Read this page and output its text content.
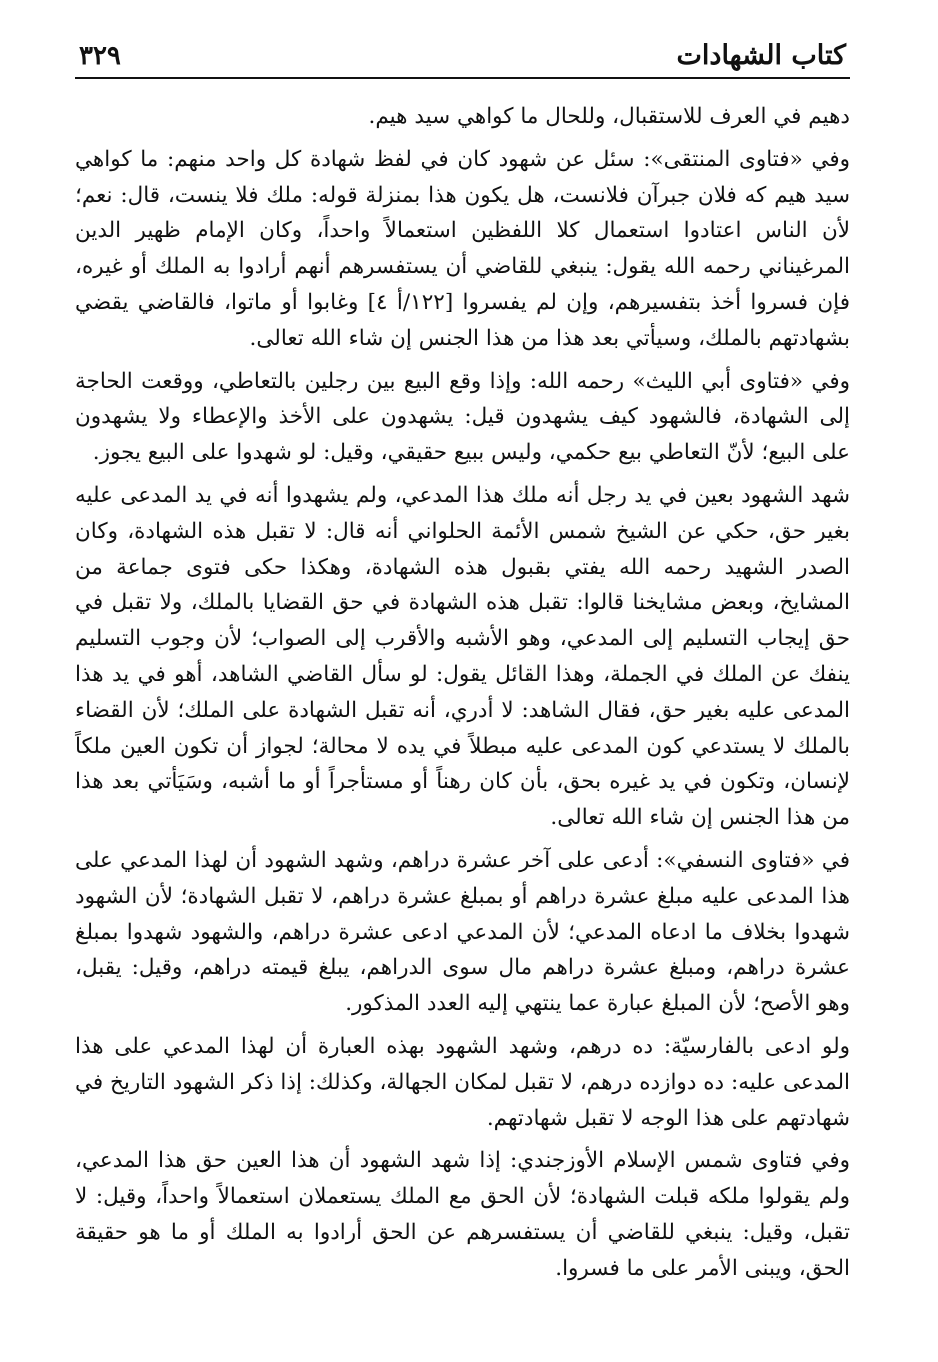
كتاب الشهادات
٣٢٩

دهيم في العرف للاستقبال، وللحال ما كواهي سيد هيم.

وفي «فتاوى المنتقى»: سئل عن شهود كان في لفظ شهادة كل واحد منهم: ما كواهي سيد هيم كه فلان جبرآن فلانست، هل يكون هذا بمنزلة قوله: ملك فلا ينست، قال: نعم؛ لأن الناس اعتادوا استعمال كلا اللفظين استعمالاً واحداً، وكان الإمام ظهير الدين المرغيناني رحمه الله يقول: ينبغي للقاضي أن يستفسرهم أنهم أرادوا به الملك أو غيره، فإن فسروا أخذ بتفسيرهم، وإن لم يفسروا [١٢٢/أ ٤] وغابوا أو ماتوا، فالقاضي يقضي بشهادتهم بالملك، وسيأتي بعد هذا من هذا الجنس إن شاء الله تعالى.

وفي «فتاوى أبي الليث» رحمه الله: وإذا وقع البيع بين رجلين بالتعاطي، ووقعت الحاجة إلى الشهادة، فالشهود كيف يشهدون قيل: يشهدون على الأخذ والإعطاء ولا يشهدون على البيع؛ لأنّ التعاطي بيع حكمي، وليس ببيع حقيقي، وقيل: لو شهدوا على البيع يجوز.

شهد الشهود بعين في يد رجل أنه ملك هذا المدعي، ولم يشهدوا أنه في يد المدعى عليه بغير حق، حكي عن الشيخ شمس الأئمة الحلواني أنه قال: لا تقبل هذه الشهادة، وكان الصدر الشهيد رحمه الله يفتي بقبول هذه الشهادة، وهكذا حكى فتوى جماعة من المشايخ، وبعض مشايخنا قالوا: تقبل هذه الشهادة في حق القضايا بالملك، ولا تقبل في حق إيجاب التسليم إلى المدعي، وهو الأشبه والأقرب إلى الصواب؛ لأن وجوب التسليم ينفك عن الملك في الجملة، وهذا القائل يقول: لو سأل القاضي الشاهد، أهو في يد هذا المدعى عليه بغير حق، فقال الشاهد: لا أدري، أنه تقبل الشهادة على الملك؛ لأن القضاء بالملك لا يستدعي كون المدعى عليه مبطلاً في يده لا محالة؛ لجواز أن تكون العين ملكاً لإنسان، وتكون في يد غيره بحق، بأن كان رهناً أو مستأجراً أو ما أشبه، وسَيَأتي بعد هذا من هذا الجنس إن شاء الله تعالى.

في «فتاوى النسفي»: أدعى على آخر عشرة دراهم، وشهد الشهود أن لهذا المدعي على هذا المدعى عليه مبلغ عشرة دراهم أو بمبلغ عشرة دراهم، لا تقبل الشهادة؛ لأن الشهود شهدوا بخلاف ما ادعاه المدعي؛ لأن المدعي ادعى عشرة دراهم، والشهود شهدوا بمبلغ عشرة دراهم، ومبلغ عشرة دراهم مال سوى الدراهم، يبلغ قيمته دراهم، وقيل: يقبل، وهو الأصح؛ لأن المبلغ عبارة عما ينتهي إليه العدد المذكور.

ولو ادعى بالفارسيّة: ده درهم، وشهد الشهود بهذه العبارة أن لهذا المدعي على هذا المدعى عليه: ده دوازده درهم، لا تقبل لمكان الجهالة، وكذلك: إذا ذكر الشهود التاريخ في شهادتهم على هذا الوجه لا تقبل شهادتهم.

وفي فتاوى شمس الإسلام الأوزجندي: إذا شهد الشهود أن هذا العين حق هذا المدعي، ولم يقولوا ملكه قبلت الشهادة؛ لأن الحق مع الملك يستعملان استعمالاً واحداً، وقيل: لا تقبل، وقيل: ينبغي للقاضي أن يستفسرهم عن الحق أرادوا به الملك أو ما هو حقيقة الحق، ويبنى الأمر على ما فسروا.
